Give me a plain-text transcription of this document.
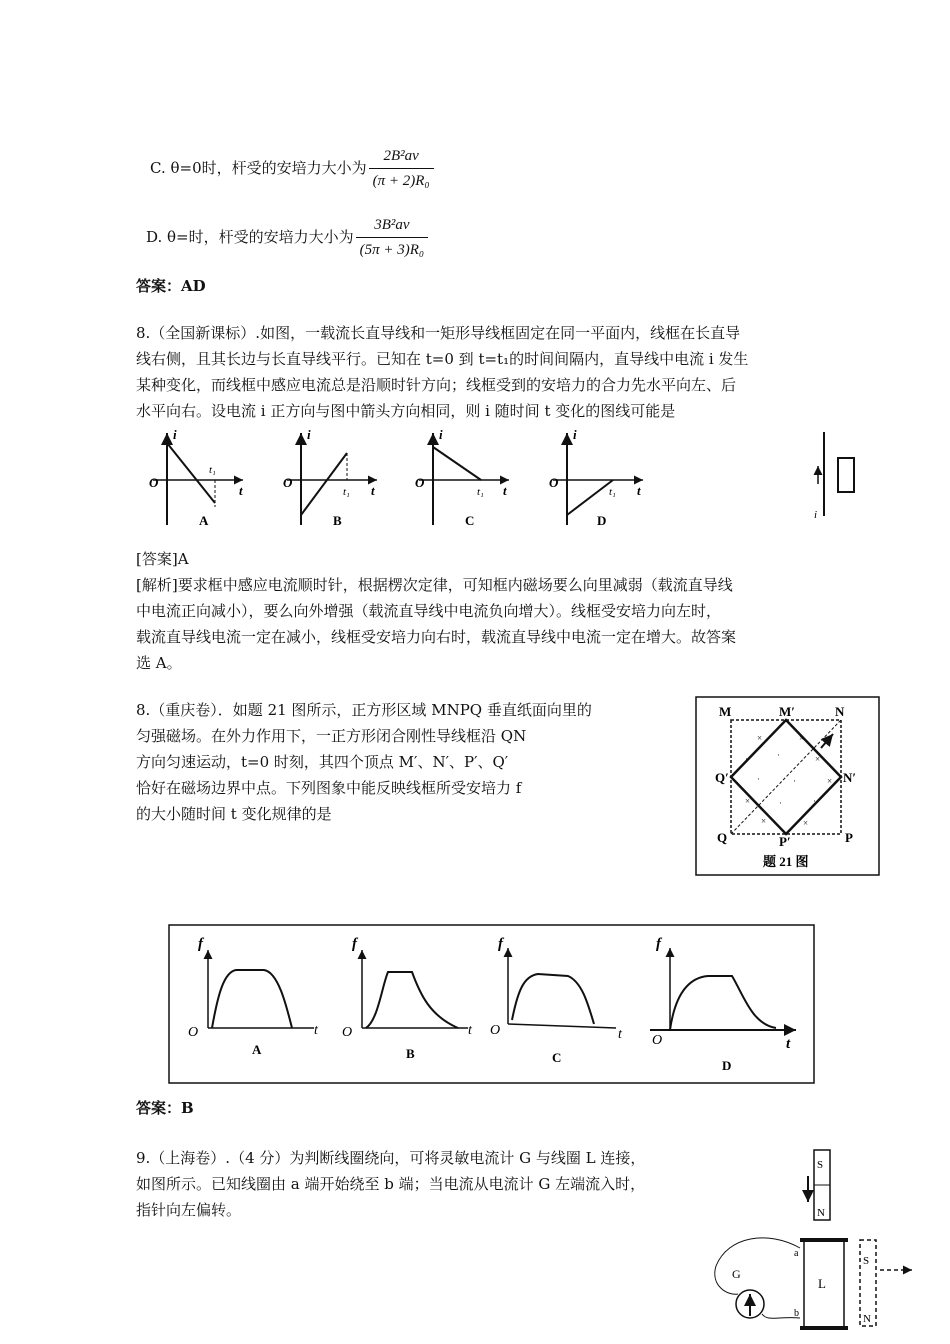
C. θ=0时，杆受的安培力大小为 $\frac{\text{2B²av}}{\text{(π + 2)R₀}}$
D. θ=时，杆受的安培力大小为 $\frac{\text{3B²av}}{\text{(5π + 3)R₀}}$
答案：AD
8.（全国新课标）.如图，一载流长直导线和一矩形导线框固定在同一平面内，线框在长直导
线右侧，且其长边与长直导线平行。已知在 t=0 到 t=t₁的时间间隔内，直导线中电流 i 发生
某种变化，而线框中感应电流总是沿顺时针方向；线框受到的安培力的合力先水平向左、后
水平向右。设电流 i 正方向与图中箭头方向相同，则 i 随时间 t 变化的图线可能是
i
t
O
t₁
A
i
t
O
t₁
B
i
t
O
t₁
C
i
t
O
t₁
D	i
[答案]A
[解析]要求框中感应电流顺时针，根据楞次定律，可知框内磁场要么向里减弱（载流直导线
中电流正向减小），要么向外增强（载流直导线中电流负向增大）。线框受安培力向左时，
载流直导线电流一定在减小，线框受安培力向右时，载流直导线中电流一定在增大。故答案
选 A。
8.（重庆卷）．如题 21 图所示，正方形区域 MNPQ 垂直纸面向里的
匀强磁场。在外力作用下，一正方形闭合刚性导线框沿 QN
方向匀速运动，t=0 时刻，其四个顶点 M′、N′、P′、Q′
恰好在磁场边界中点。下列图象中能反映线框所受安培力 f
的大小随时间 t 变化规律的是
×	×
·	·	×
·	·	×
×	·	·
×	×
M	M′	N
N′
P
P′
Q′
Q
题 21 图
f
t
O
A
f
t
O
B
f
t
O
C
f
t
O
D
答案：B
9.（上海卷）.（4 分）为判断线圈绕向，可将灵敏电流计 G 与线圈 L 连接，
如图所示。已知线圈由 a 端开始绕至 b 端；当电流从电流计 G 左端流入时，
指针向左偏转。
S
N
L
a
b
G
S
N
